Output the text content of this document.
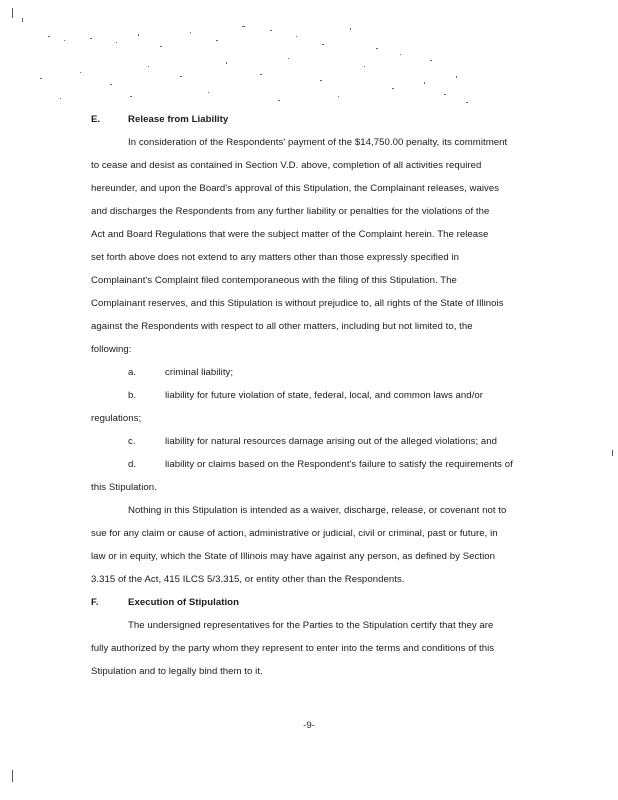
E.	Release from Liability

In consideration of the Respondents' payment of the $14,750.00 penalty, its commitment

to cease and desist as contained in Section V.D. above, completion of all activities required

hereunder, and upon the Board's approval of this Stipulation, the Complainant releases, waives

and discharges the Respondents from any further liability or penalties for the violations of the

Act and Board Regulations that were the subject matter of the Complaint herein. The release

set forth above does not extend to any matters other than those expressly specified in

Complainant's Complaint filed contemporaneous with the filing of this Stipulation. The

Complainant reserves, and this Stipulation is without prejudice to, all rights of the State of Illinois

against the Respondents with respect to all other matters, including but not limited to, the

following:

a.	criminal liability;
b.	liability for future violation of state, federal, local, and common laws and/or
regulations;
c.	liability for natural resources damage arising out of the alleged violations; and
d.	liability or claims based on the Respondent's failure to satisfy the requirements of
this Stipulation.

Nothing in this Stipulation is intended as a waiver, discharge, release, or covenant not to

sue for any claim or cause of action, administrative or judicial, civil or criminal, past or future, in

law or in equity, which the State of Illinois may have against any person, as defined by Section

3.315 of the Act, 415 ILCS 5/3.315, or entity other than the Respondents.

F.	Execution of Stipulation

The undersigned representatives for the Parties to the Stipulation certify that they are

fully authorized by the party whom they represent to enter into the terms and conditions of this

Stipulation and to legally bind them to it.

-9-
